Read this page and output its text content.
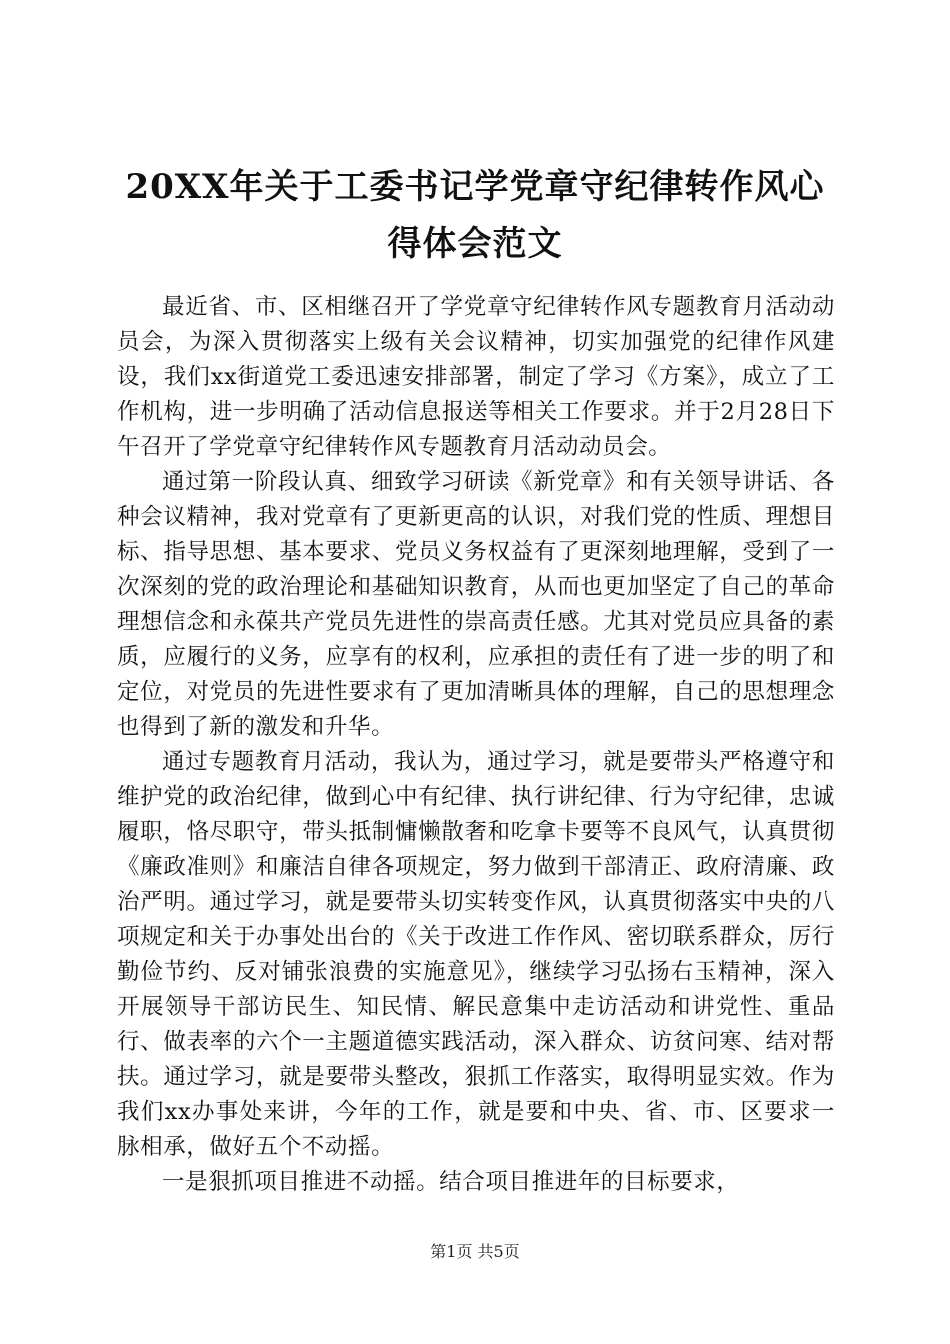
20XX年关于工委书记学党章守纪律转作风心
得体会范文

最近省、市、区相继召开了学党章守纪律转作风专题教育月活动动员会，为深入贯彻落实上级有关会议精神，切实加强党的纪律作风建设，我们xx街道党工委迅速安排部署，制定了学习《方案》，成立了工作机构，进一步明确了活动信息报送等相关工作要求。并于2月28日下午召开了学党章守纪律转作风专题教育月活动动员会。

通过第一阶段认真、细致学习研读《新党章》和有关领导讲话、各种会议精神，我对党章有了更新更高的认识，对我们党的性质、理想目标、指导思想、基本要求、党员义务权益有了更深刻地理解，受到了一次深刻的党的政治理论和基础知识教育，从而也更加坚定了自己的革命理想信念和永葆共产党员先进性的崇高责任感。尤其对党员应具备的素质，应履行的义务，应享有的权利，应承担的责任有了进一步的明了和定位，对党员的先进性要求有了更加清晰具体的理解，自己的思想理念也得到了新的激发和升华。

通过专题教育月活动，我认为，通过学习，就是要带头严格遵守和维护党的政治纪律，做到心中有纪律、执行讲纪律、行为守纪律，忠诚履职，恪尽职守，带头抵制慵懒散奢和吃拿卡要等不良风气，认真贯彻《廉政准则》和廉洁自律各项规定，努力做到干部清正、政府清廉、政治严明。通过学习，就是要带头切实转变作风，认真贯彻落实中央的八项规定和关于办事处出台的《关于改进工作作风、密切联系群众，厉行勤俭节约、反对铺张浪费的实施意见》，继续学习弘扬右玉精神，深入开展领导干部访民生、知民情、解民意集中走访活动和讲党性、重品行、做表率的六个一主题道德实践活动，深入群众、访贫问寒、结对帮扶。通过学习，就是要带头整改，狠抓工作落实，取得明显实效。作为我们xx办事处来讲，今年的工作，就是要和中央、省、市、区要求一脉相承，做好五个不动摇。

一是狠抓项目推进不动摇。结合项目推进年的目标要求，

第1页 共5页
